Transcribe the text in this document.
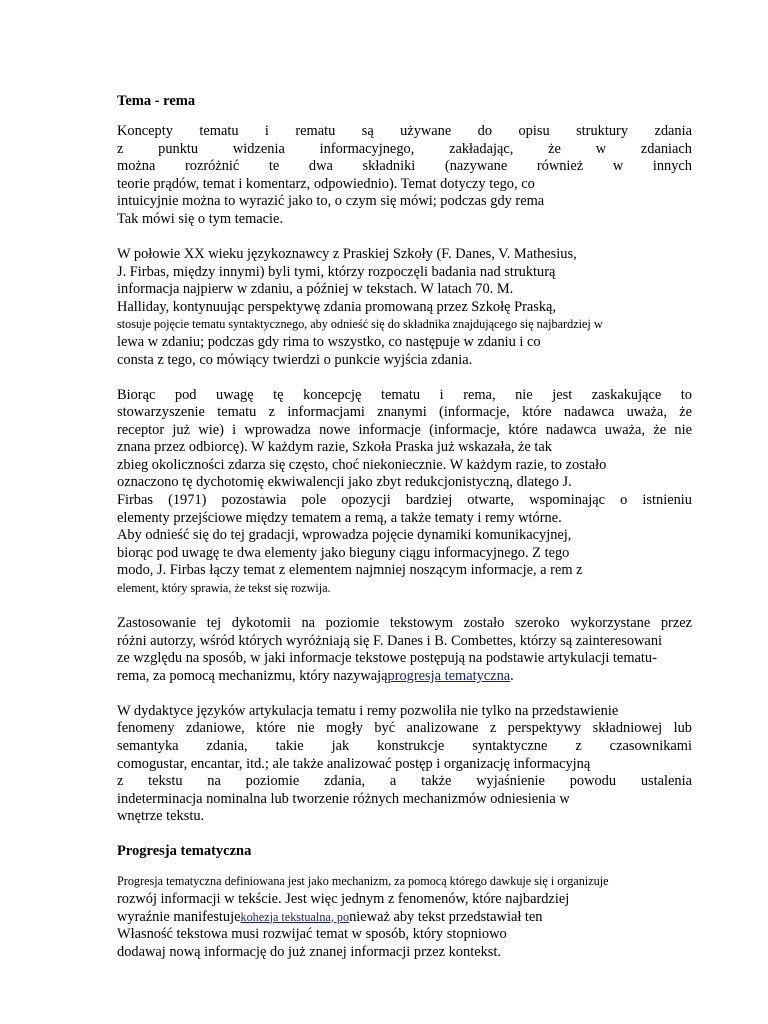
Tema - rema
Koncepty tematu i rematu są używane do opisu struktury zdania
z punktu widzenia informacyjnego, zakładając, że w zdaniach
można rozróżnić te dwa składniki (nazywane również w innych
teorie prądów, temat i komentarz, odpowiednio). Temat dotyczy tego, co
intuicyjnie można to wyrazić jako to, o czym się mówi; podczas gdy rema
Tak mówi się o tym temacie.
W połowie XX wieku językoznawcy z Praskiej Szkoły (F. Danes, V. Mathesius,
J. Firbas, między innymi) byli tymi, którzy rozpoczęli badania nad strukturą
informacja najpierw w zdaniu, a później w tekstach. W latach 70. M.
Halliday, kontynuując perspektywę zdania promowaną przez Szkołę Praską,
stosuje pojęcie tematu syntaktycznego, aby odnieść się do składnika znajdującego się najbardziej w
lewa w zdaniu; podczas gdy rima to wszystko, co następuje w zdaniu i co
consta z tego, co mówiący twierdzi o punkcie wyjścia zdania.
Biorąc pod uwagę tę koncepcję tematu i rema, nie jest zaskakujące to
stowarzyszenie tematu z informacjami znanymi (informacje, które nadawca uważa, że
receptor już wie) i wprowadza nowe informacje (informacje, które nadawca uważa, że nie
znana przez odbiorcę). W każdym razie, Szkoła Praska już wskazała, że tak
zbieg okoliczności zdarza się często, choć niekoniecznie. W każdym razie, to zostało
oznaczono tę dychotomię ekwiwalencji jako zbyt redukcjonistyczną, dlatego J.
Firbas (1971) pozostawia pole opozycji bardziej otwarte, wspominając o istnieniu
elementy przejściowe między tematem a remą, a także tematy i remy wtórne.
Aby odnieść się do tej gradacji, wprowadza pojęcie dynamiki komunikacyjnej,
biorąc pod uwagę te dwa elementy jako bieguny ciągu informacyjnego. Z tego
modo, J. Firbas łączy temat z elementem najmniej noszącym informacje, a rem z
element, który sprawia, że tekst się rozwija.
Zastosowanie tej dykotomii na poziomie tekstowym zostało szeroko wykorzystane przez
różni autorzy, wśród których wyróżniają się F. Danes i B. Combettes, którzy są zainteresowani
ze względu na sposób, w jaki informacje tekstowe postępują na podstawie artykulacji tematu-
rema, za pomocą mechanizmu, który nazywająprogresja tematyczna.
W dydaktyce języków artykulacja tematu i remy pozwoliła nie tylko na przedstawienie
fenomeny zdaniowe, które nie mogły być analizowane z perspektywy składniowej lub
semantyka zdania, takie jak konstrukcje syntaktyczne z czasownikami
comogustar, encantar, itd.; ale także analizować postęp i organizację informacyjną
z tekstu na poziomie zdania, a także wyjaśnienie powodu ustalenia
indeterminacja nominalna lub tworzenie różnych mechanizmów odniesienia w
wnętrze tekstu.
Progresja tematyczna
Progresja tematyczna definiowana jest jako mechanizm, za pomocą którego dawkuje się i organizuje
rozwój informacji w tekście. Jest więc jednym z fenomenów, które najbardziej
wyraźnie manifestujekohezja tekstualna, ponieważ aby tekst przedstawiał ten
Własność tekstowa musi rozwijać temat w sposób, który stopniowo
dodawaj nową informację do już znanej informacji przez kontekst.
